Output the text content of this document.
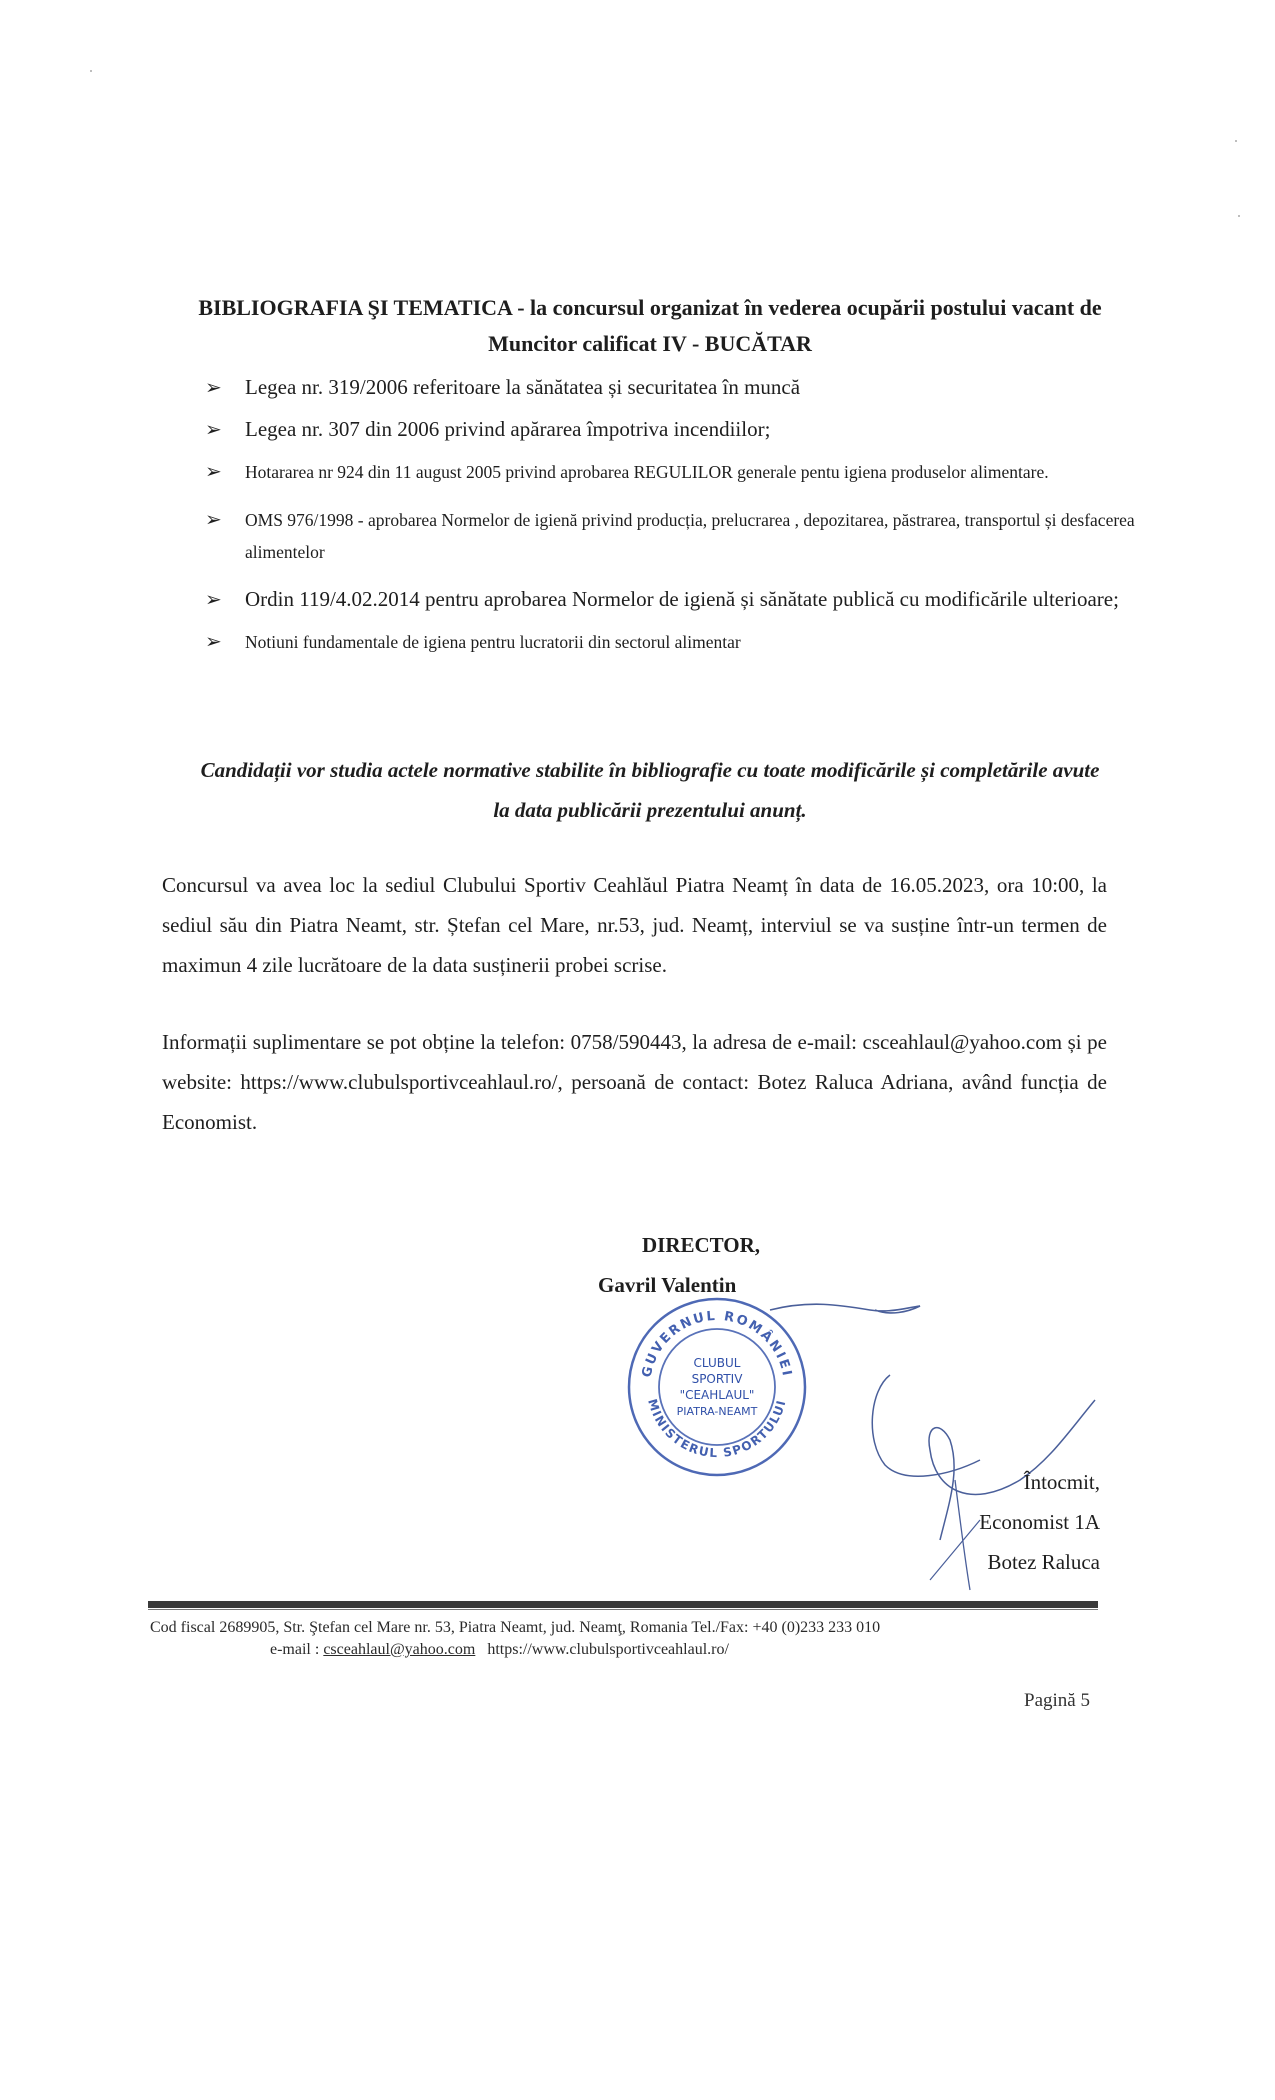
BIBLIOGRAFIA ŞI TEMATICA - la concursul organizat în vederea ocupării postului vacant de
Muncitor calificat IV - BUCĂTAR
➢ Legea nr. 319/2006 referitoare la sănătatea și securitatea în muncă
➢ Legea nr. 307 din 2006 privind apărarea împotriva incendiilor;
➢ Hotararea nr 924 din 11 august 2005 privind aprobarea REGULILOR generale pentu igiena produselor alimentare.
➢ OMS 976/1998 - aprobarea Normelor de igienă privind producția, prelucrarea , depozitarea, păstrarea, transportul și desfacerea alimentelor
➢ Ordin 119/4.02.2014 pentru aprobarea Normelor de igienă și sănătate publică cu modificările ulterioare;
➢ Notiuni fundamentale de igiena pentru lucratorii din sectorul alimentar
Candidații vor studia actele normative stabilite în bibliografie cu toate modificările și completările avute la data publicării prezentului anunț.
Concursul va avea loc la sediul Clubului Sportiv Ceahlăul Piatra Neamț în data de 16.05.2023, ora 10:00, la sediul său din Piatra Neamt, str. Ștefan cel Mare, nr.53, jud. Neamț, interviul se va susține într-un termen de maximun 4 zile lucrătoare de la data susținerii probei scrise.
Informații suplimentare se pot obține la telefon: 0758/590443, la adresa de e-mail: csceahlaul@yahoo.com și pe website: https://www.clubulsportivceahlaul.ro/, persoană de contact: Botez Raluca Adriana, având funcția de Economist.
DIRECTOR,
Gavril Valentin
GUVERNUL ROMÂNIEI
MINISTERUL SPORTULUI
CLUBUL
SPORTIV
"CEAHLAUL"
PIATRA-NEAMT
Întocmit,
Economist 1A
Botez Raluca
Cod fiscal 2689905, Str. Ştefan cel Mare nr. 53, Piatra Neamt, jud. Neamţ, Romania Tel./Fax: +40 (0)233 233 010
e-mail : csceahlaul@yahoo.com https://www.clubulsportivceahlaul.ro/
Pagină 5
